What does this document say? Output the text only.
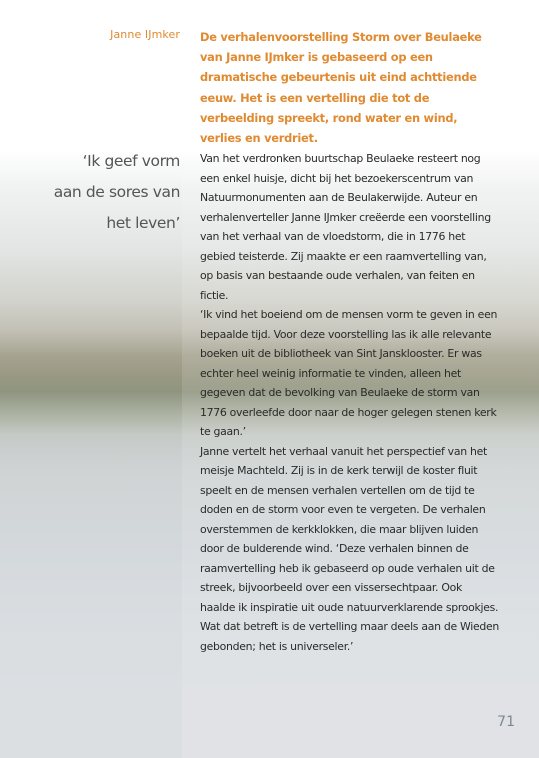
Janne IJmker De verhalenvoorstelling Storm over Beulaeke van Janne IJmker is gebaseerd op een dramatische gebeurtenis uit eind achttiende eeuw. Het is een vertelling die tot de verbeelding spreekt, rond water en wind, verlies en verdriet.

‘Ik geef vorm
aan de sores van
het leven’

Van het verdronken buurtschap Beulaeke resteert nog een enkel huisje, dicht bij het bezoekerscentrum van Natuurmonumenten aan de Beulakerwijde. Auteur en verhalenverteller Janne IJmker creëerde een voorstelling van het verhaal van de vloedstorm, die in 1776 het gebied teisterde. Zij maakte er een raamvertelling van, op basis van bestaande oude verhalen, van feiten en fictie.

‘Ik vind het boeiend om de mensen vorm te geven in een bepaalde tijd. Voor deze voorstelling las ik alle relevante boeken uit de bibliotheek van Sint Jansklooster. Er was echter heel weinig informatie te vinden, alleen het gegeven dat de bevolking van Beulaeke de storm van 1776 overleefde door naar de hoger gelegen stenen kerk te gaan.’

Janne vertelt het verhaal vanuit het perspectief van het meisje Machteld. Zij is in de kerk terwijl de koster fluit speelt en de mensen verhalen vertellen om de tijd te doden en de storm voor even te vergeten. De verhalen overstemmen de kerkklokken, die maar blijven luiden door de bulderende wind. ‘Deze verhalen binnen de raamvertelling heb ik gebaseerd op oude verhalen uit de streek, bijvoorbeeld over een vissersechtpaar. Ook haalde ik inspiratie uit oude natuurverklarende sprookjes. Wat dat betreft is de vertelling maar deels aan de Wieden gebonden; het is universeler.’

71
